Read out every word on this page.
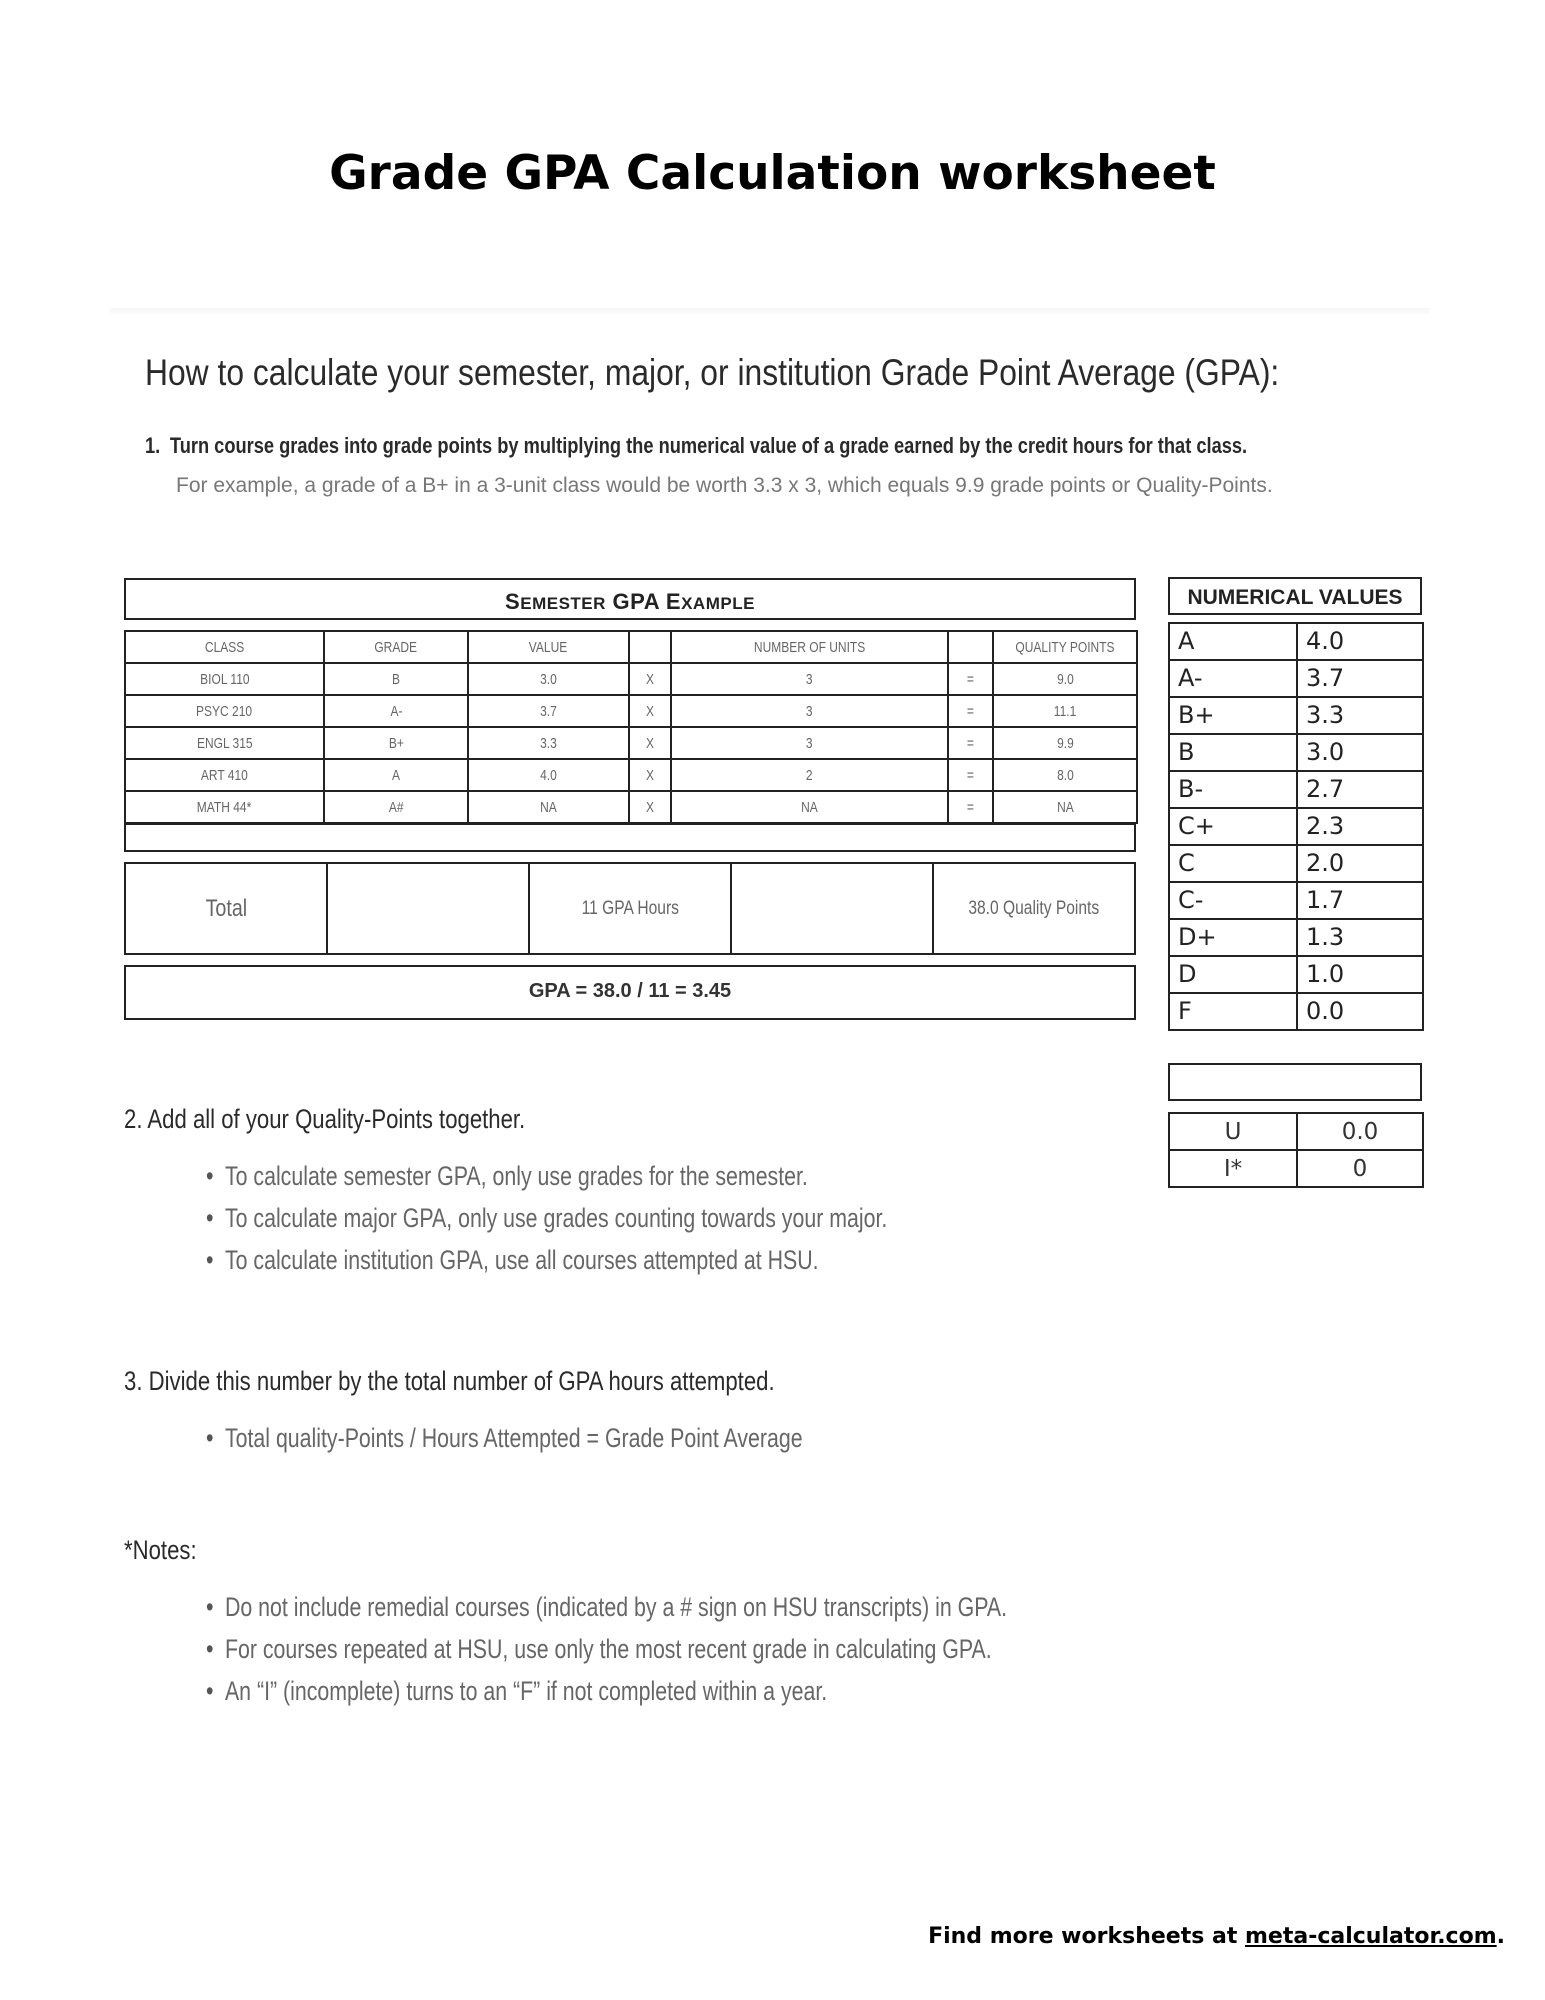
Grade GPA Calculation worksheet
How to calculate your semester, major, or institution Grade Point Average (GPA):
1. Turn course grades into grade points by multiplying the numerical value of a grade earned by the credit hours for that class.
For example, a grade of a B+ in a 3-unit class would be worth 3.3 x 3, which equals 9.9 grade points or Quality-Points.
SEMESTER GPA EXAMPLE
CLASS	GRADE	VALUE		NUMBER OF UNITS		QUALITY POINTS
BIOL 110	B	3.0	X	3	=	9.0
PSYC 210	A-	3.7	X	3	=	11.1
ENGL 315	B+	3.3	X	3	=	9.9
ART 410	A	4.0	X	2	=	8.0
MATH 44*	A#	NA	X	NA	=	NA
Total		11 GPA Hours		38.0 Quality Points
GPA = 38.0 / 11 = 3.45
NUMERICAL VALUES
A	4.0
A-	3.7
B+	3.3
B	3.0
B-	2.7
C+	2.3
C	2.0
C-	1.7
D+	1.3
D	1.0
F	0.0
U	0.0
I*	0
2. Add all of your Quality-Points together.
• To calculate semester GPA, only use grades for the semester.
• To calculate major GPA, only use grades counting towards your major.
• To calculate institution GPA, use all courses attempted at HSU.
3. Divide this number by the total number of GPA hours attempted.
• Total quality-Points / Hours Attempted = Grade Point Average
*Notes:
• Do not include remedial courses (indicated by a # sign on HSU transcripts) in GPA.
• For courses repeated at HSU, use only the most recent grade in calculating GPA.
• An “I” (incomplete) turns to an “F” if not completed within a year.
Find more worksheets at meta-calculator.com.
